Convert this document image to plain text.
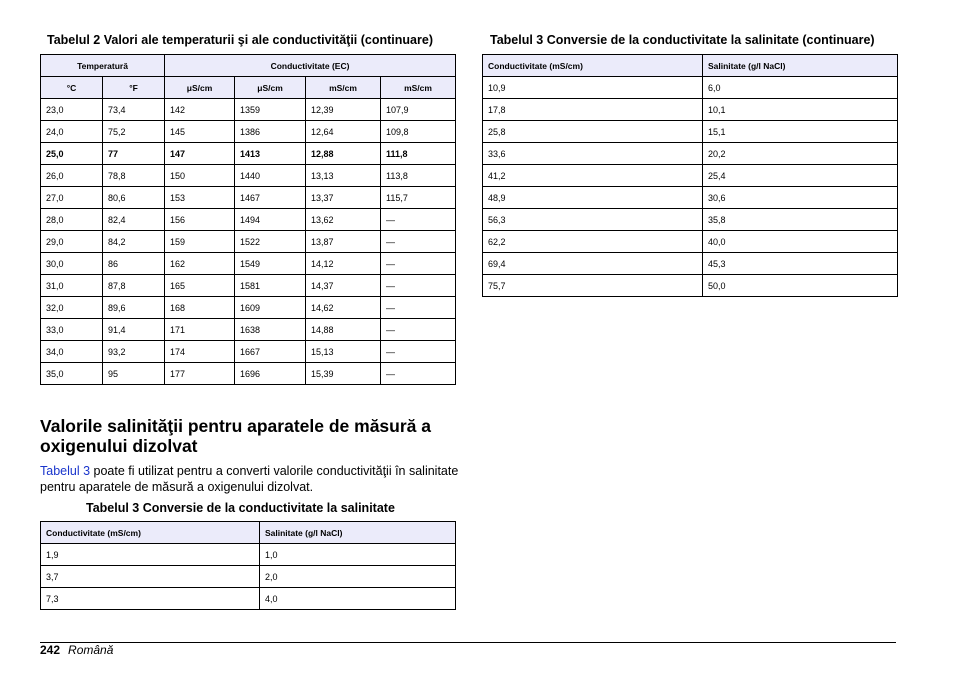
Tabelul 2 Valori ale temperaturii şi ale conductivităţii (continuare)
Temperatură		Conductivitate (EC)			
°C	°F	μS/cm	μS/cm	mS/cm	mS/cm
23,0	73,4	142	1359	12,39	107,9
24,0	75,2	145	1386	12,64	109,8
25,0	77	147	1413	12,88	111,8
26,0	78,8	150	1440	13,13	113,8
27,0	80,6	153	1467	13,37	115,7
28,0	82,4	156	1494	13,62	—
29,0	84,2	159	1522	13,87	—
30,0	86	162	1549	14,12	—
31,0	87,8	165	1581	14,37	—
32,0	89,6	168	1609	14,62	—
33,0	91,4	171	1638	14,88	—
34,0	93,2	174	1667	15,13	—
35,0	95	177	1696	15,39	—
Valorile salinităţii pentru aparatele de măsură a oxigenului dizolvat
Tabelul 3 poate fi utilizat pentru a converti valorile conductivităţii în salinitate pentru aparatele de măsură a oxigenului dizolvat.
Tabelul 3 Conversie de la conductivitate la salinitate
Conductivitate (mS/cm)	Salinitate (g/l NaCl)
1,9	1,0
3,7	2,0
7,3	4,0
Tabelul 3 Conversie de la conductivitate la salinitate (continuare)
Conductivitate (mS/cm)	Salinitate (g/l NaCl)
10,9	6,0
17,8	10,1
25,8	15,1
33,6	20,2
41,2	25,4
48,9	30,6
56,3	35,8
62,2	40,0
69,4	45,3
75,7	50,0
242 Română
